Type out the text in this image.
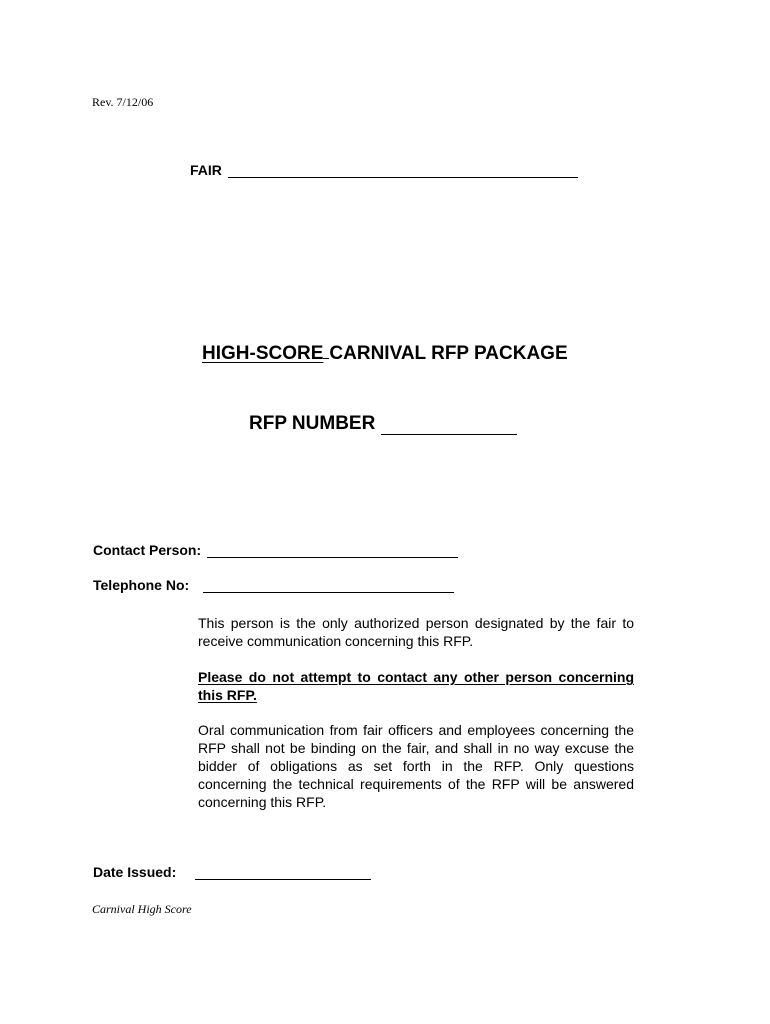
Rev. 7/12/06
FAIR
HIGH-SCORE CARNIVAL RFP PACKAGE
RFP NUMBER
Contact Person:
Telephone No:

This person is the only authorized person designated by the fair to receive communication concerning this RFP.

Please do not attempt to contact any other person concerning this RFP.

Oral communication from fair officers and employees concerning the RFP shall not be binding on the fair, and shall in no way excuse the bidder of obligations as set forth in the RFP. Only questions concerning the technical requirements of the RFP will be answered concerning this RFP.

Date Issued:
Carnival High Score
